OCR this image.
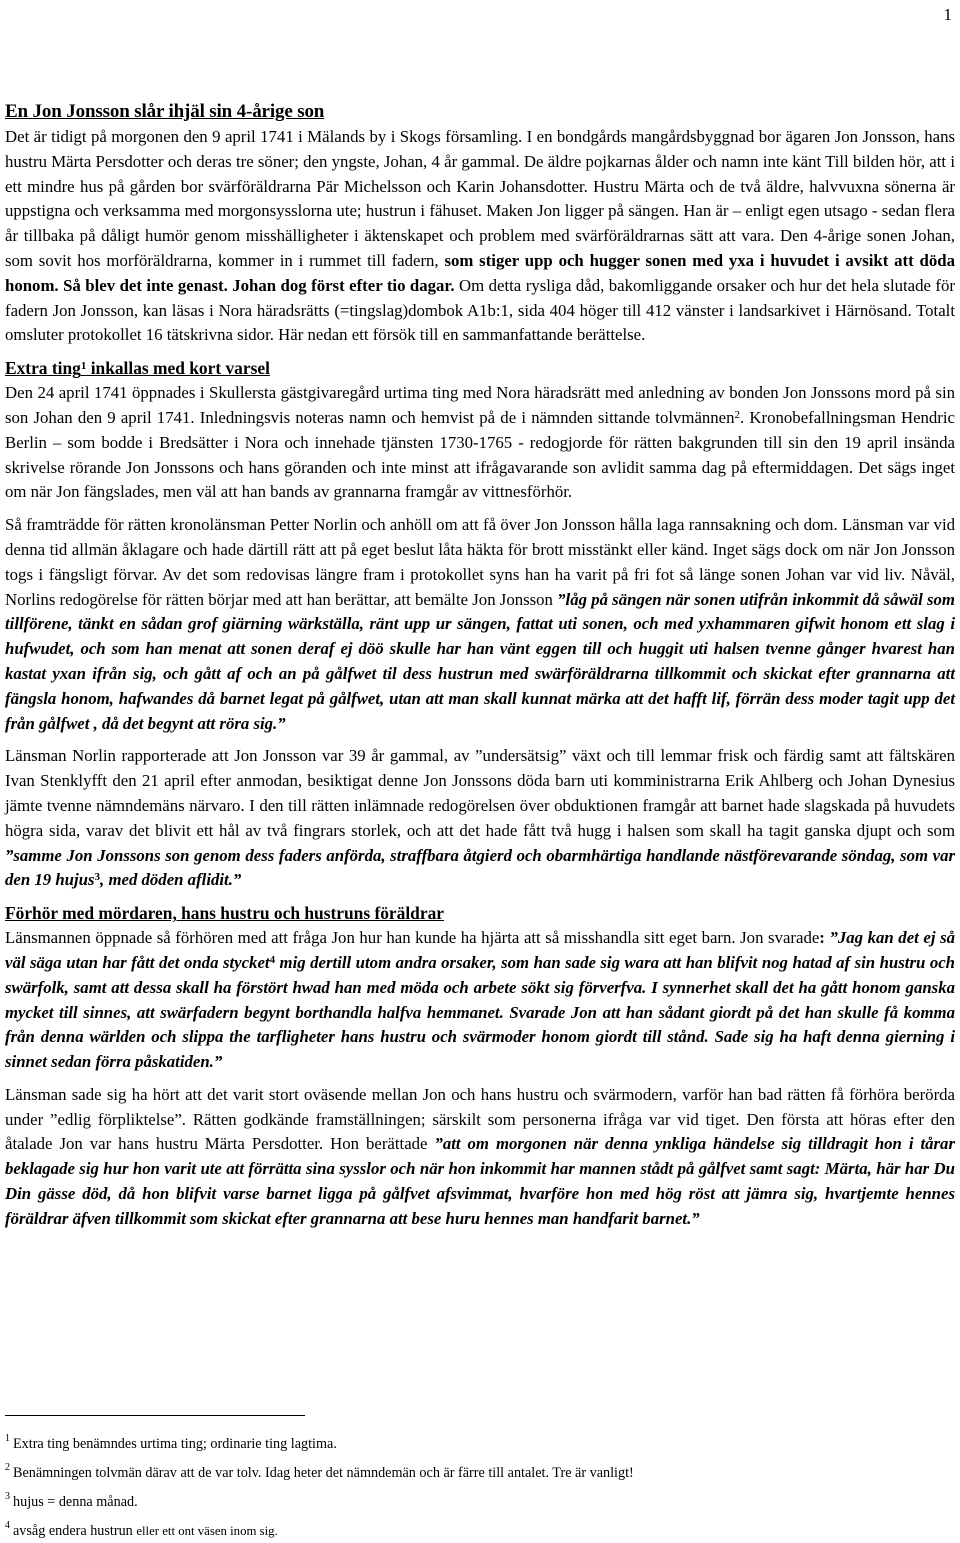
1
En Jon Jonsson slår ihjäl sin 4-årige son

Det är tidigt på morgonen den 9 april 1741 i Mälands by i Skogs församling. I en bondgårds mangårdsbyggnad bor ägaren Jon Jonsson, hans hustru Märta Persdotter och deras tre söner; den yngste, Johan, 4 år gammal. De äldre pojkarnas ålder och namn inte känt Till bilden hör, att i ett mindre hus på gården bor svärföräldrarna Pär Michelsson och Karin Johansdotter. Hustru Märta och de två äldre, halvvuxna sönerna är uppstigna och verksamma med morgonsysslorna ute; hustrun i fähuset. Maken Jon ligger på sängen. Han är – enligt egen utsago - sedan flera år tillbaka på dåligt humör genom misshälligheter i äktenskapet och problem med svärföräldrarnas sätt att vara. Den 4-årige sonen Johan, som sovit hos morföräldrarna, kommer in i rummet till fadern, som stiger upp och hugger sonen med yxa i huvudet i avsikt att döda honom. Så blev det inte genast. Johan dog först efter tio dagar. Om detta rysliga dåd, bakomliggande orsaker och hur det hela slutade för fadern Jon Jonsson, kan läsas i Nora häradsrätts (=tingslag)dombok A1b:1, sida 404 höger till 412 vänster i landsarkivet i Härnösand. Totalt omsluter protokollet 16 tätskrivna sidor. Här nedan ett försök till en sammanfattande berättelse.

Extra ting$^1$ inkallas med kort varsel

Den 24 april 1741 öppnades i Skullersta gästgivaregård urtima ting med Nora häradsrätt med anledning av bonden Jon Jonssons mord på sin son Johan den 9 april 1741. Inledningsvis noteras namn och hemvist på de i nämnden sittande tolvmännen$^2$. Kronobefallningsman Hendric Berlin – som bodde i Bredsätter i Nora och innehade tjänsten 1730-1765 - redogjorde för rätten bakgrunden till sin den 19 april insända skrivelse rörande Jon Jonssons och hans göranden och inte minst att ifrågavarande son avlidit samma dag på eftermiddagen. Det sägs inget om när Jon fängslades, men väl att han bands av grannarna framgår av vittnesförhör.

Så framträdde för rätten kronolänsman Petter Norlin och anhöll om att få över Jon Jonsson hålla laga rannsakning och dom. Länsman var vid denna tid allmän åklagare och hade därtill rätt att på eget beslut låta häkta för brott misstänkt eller känd. Inget sägs dock om när Jon Jonsson togs i fängsligt förvar. Av det som redovisas längre fram i protokollet syns han ha varit på fri fot så länge sonen Johan var vid liv. Nåväl, Norlins redogörelse för rätten börjar med att han berättar, att bemälte Jon Jonsson ”låg på sängen när sonen utifrån inkommit då såwäl som tillförene, tänkt en sådan grof giärning wärkställa, ränt upp ur sängen, fattat uti sonen, och med yxhammaren gifwit honom ett slag i hufwudet, och som han menat att sonen deraf ej döö skulle har han vänt eggen till och huggit uti halsen tvenne gånger hvarest han kastat yxan ifrån sig, och gått af och an på gålfwet til dess hustrun med swärföräldrarna tillkommit och skickat efter grannarna att fängsla honom, hafwandes då barnet legat på gålfwet, utan att man skall kunnat märka att det hafft lif, förrän dess moder tagit upp det från gålfwet , då det begynt att röra sig.”

Länsman Norlin rapporterade att Jon Jonsson var 39 år gammal, av ”undersätsig” växt och till lemmar frisk och färdig samt att fältskären Ivan Stenklyfft den 21 april efter anmodan, besiktigat denne Jon Jonssons döda barn uti komministrarna Erik Ahlberg och Johan Dynesius jämte tvenne nämndemäns närvaro. I den till rätten inlämnade redogörelsen över obduktionen framgår att barnet hade slagskada på huvudets högra sida, varav det blivit ett hål av två fingrars storlek, och att det hade fått två hugg i halsen som skall ha tagit ganska djupt och som ”samme Jon Jonssons son genom dess faders anförda, straffbara åtgierd och obarmhärtiga handlande nästförevarande söndag, som var den 19 hujus$^3$, med döden aflidit.”

Förhör med mördaren, hans hustru och hustruns föräldrar

Länsmannen öppnade så förhören med att fråga Jon hur han kunde ha hjärta att så misshandla sitt eget barn. Jon svarade: ”Jag kan det ej så väl säga utan har fått det onda stycket$^4$ mig dertill utom andra orsaker, som han sade sig wara att han blifvit nog hatad af sin hustru och swärfolk, samt att dessa skall ha förstört hwad han med möda och arbete sökt sig förverfva. I synnerhet skall det ha gått honom ganska mycket till sinnes, att swärfadern begynt borthandla halfva hemmanet. Svarade Jon att han sådant giordt på det han skulle få komma från denna wärlden och slippa the tarfligheter hans hustru och svärmoder honom giordt till stånd. Sade sig ha haft denna gierning i sinnet sedan förra påskatiden.”

Länsman sade sig ha hört att det varit stort oväsende mellan Jon och hans hustru och svärmodern, varför han bad rätten få förhöra berörda under ”edlig förpliktelse”. Rätten godkände framställningen; särskilt som personerna ifråga var vid tiget. Den första att höras efter den åtalade Jon var hans hustru Märta Persdotter. Hon berättade ”att om morgonen när denna ynkliga händelse sig tilldragit hon i tårar beklagade sig hur hon varit ute att förrätta sina sysslor och när hon inkommit har mannen stådt på gålfvet samt sagt: Märta, här har Du Din gässe död, då hon blifvit varse barnet ligga på gålfvet afsvimmat, hvarföre hon med hög röst att jämra sig, hvartjemte hennes föräldrar äfven tillkommit som skickat efter grannarna att bese huru hennes man handfarit barnet.”

$^1$ Extra ting benämndes urtima ting; ordinarie ting lagtima.
$^2$ Benämningen tolvmän därav att de var tolv. Idag heter det nämndemän och är färre till antalet. Tre är vanligt!
$^3$ hujus = denna månad.
$^4$ avsåg endera hustrun eller ett ont väsen inom sig.
